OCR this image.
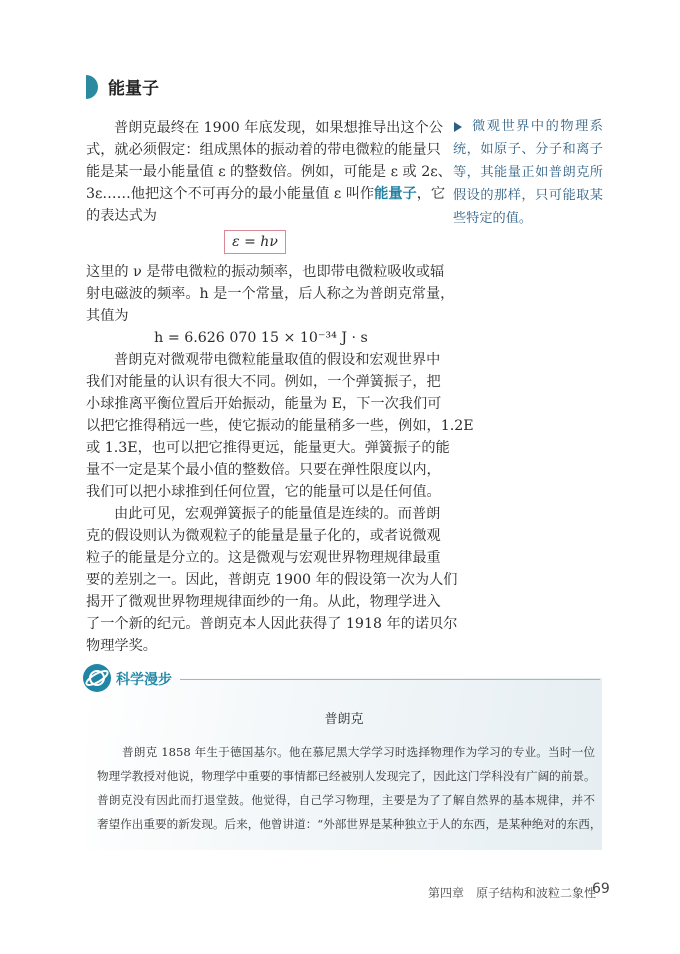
能量子
普朗克最终在 1900 年底发现，如果想推导出这个公
式，就必须假定：组成黑体的振动着的带电微粒的能量只
能是某一最小能量值 ε 的整数倍。例如，可能是 ε 或 2ε、
3ε……他把这个不可再分的最小能量值 ε 叫作能量子，它
的表达式为
ε = hν
这里的 ν 是带电微粒的振动频率，也即带电微粒吸收或辐
射电磁波的频率。h 是一个常量，后人称之为普朗克常量，
其值为
h = 6.626 070 15 × 10⁻³⁴ J · s
普朗克对微观带电微粒能量取值的假设和宏观世界中
我们对能量的认识有很大不同。例如，一个弹簧振子，把
小球推离平衡位置后开始振动，能量为 E，下一次我们可
以把它推得稍远一些，使它振动的能量稍多一些，例如，1.2E
或 1.3E，也可以把它推得更远，能量更大。弹簧振子的能
量不一定是某个最小值的整数倍。只要在弹性限度以内，
我们可以把小球推到任何位置，它的能量可以是任何值。
由此可见，宏观弹簧振子的能量值是连续的。而普朗
克的假设则认为微观粒子的能量是量子化的，或者说微观
粒子的能量是分立的。这是微观与宏观世界物理规律最重
要的差别之一。因此，普朗克 1900 年的假设第一次为人们
揭开了微观世界物理规律面纱的一角。从此，物理学进入
了一个新的纪元。普朗克本人因此获得了 1918 年的诺贝尔
物理学奖。
微观世界中的物理系
统，如原子、分子和离子
等，其能量正如普朗克所
假设的那样，只可能取某
些特定的值。
科学漫步
普朗克
普朗克 1858 年生于德国基尔。他在慕尼黑大学学习时选择物理作为学习的专业。当时一位
物理学教授对他说，物理学中重要的事情都已经被别人发现完了，因此这门学科没有广阔的前景。
普朗克没有因此而打退堂鼓。他觉得，自己学习物理，主要是为了了解自然界的基本规律，并不
奢望作出重要的新发现。后来，他曾讲道：“外部世界是某种独立于人的东西，是某种绝对的东西，
第四章　原子结构和波粒二象性
69
